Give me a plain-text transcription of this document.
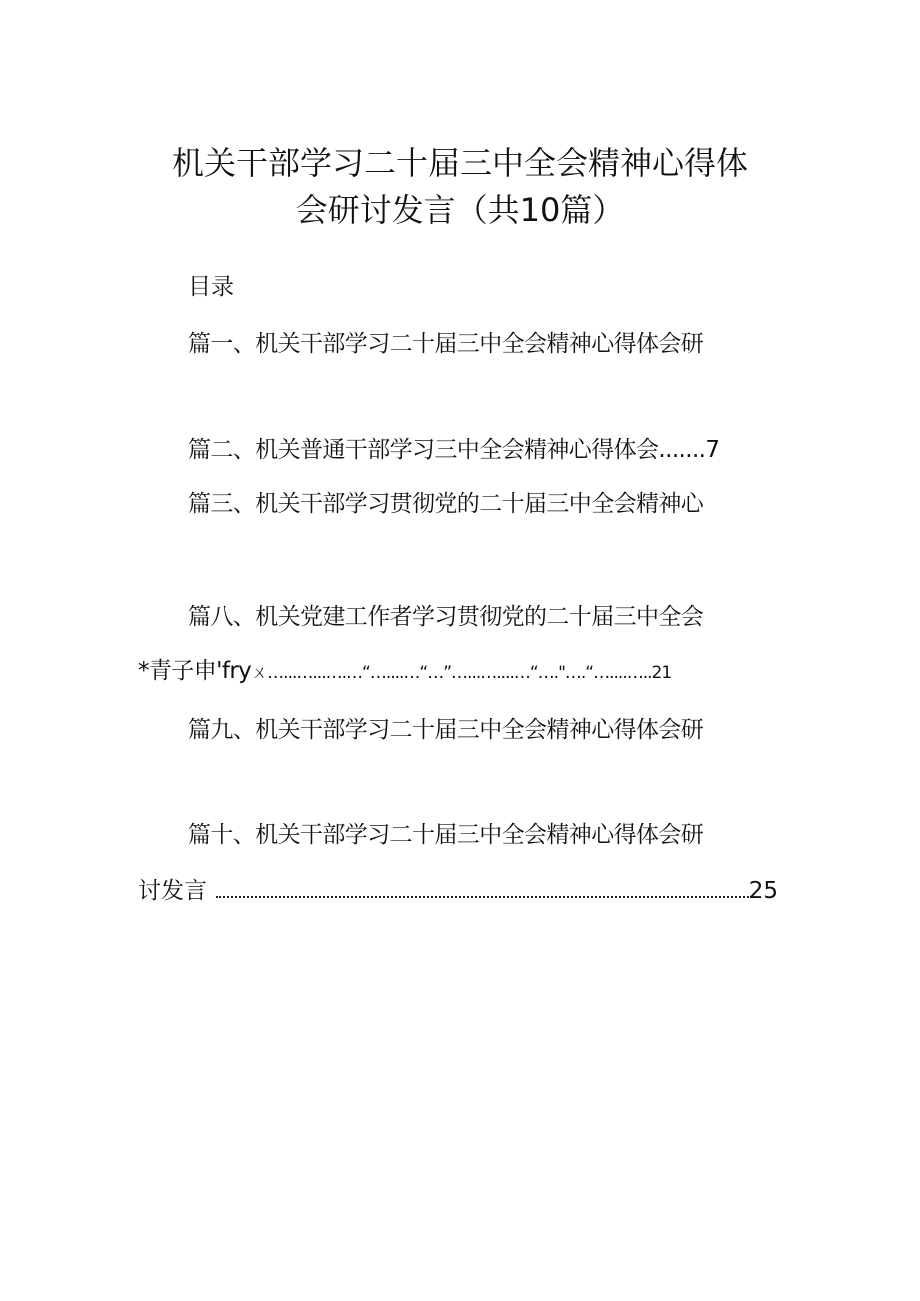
机关干部学习二十届三中全会精神心得体
会研讨发言（共10篇）
目录
篇一、机关干部学习二十届三中全会精神心得体会研
篇二、机关普通干部学习三中全会精神心得体会.......7
篇三、机关干部学习贯彻党的二十届三中全会精神心
篇八、机关党建工作者学习贯彻党的二十届三中全会
*青子申'fryㄨ…...…...….…“…....…“…”…...…....…“…."….“…....…..21
篇九、机关干部学习二十届三中全会精神心得体会研
篇十、机关干部学习二十届三中全会精神心得体会研
讨发言	25
